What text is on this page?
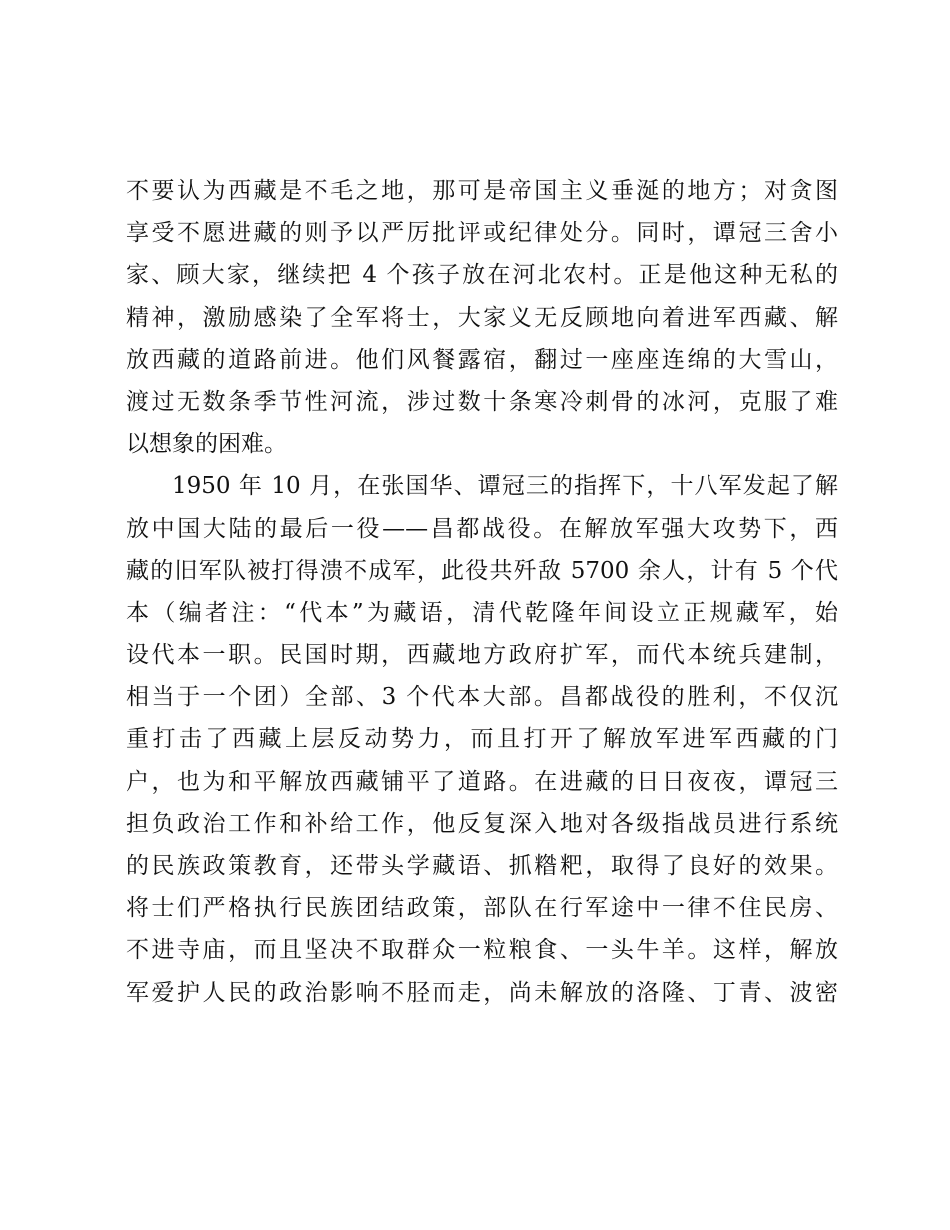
不要认为西藏是不毛之地，那可是帝国主义垂涎的地方；对贪图
享受不愿进藏的则予以严厉批评或纪律处分。同时，谭冠三舍小
家、顾大家，继续把 4 个孩子放在河北农村。正是他这种无私的
精神，激励感染了全军将士，大家义无反顾地向着进军西藏、解
放西藏的道路前进。他们风餐露宿，翻过一座座连绵的大雪山，
渡过无数条季节性河流，涉过数十条寒冷刺骨的冰河，克服了难
以想象的困难。
1950 年 10 月，在张国华、谭冠三的指挥下，十八军发起了解
放中国大陆的最后一役——昌都战役。在解放军强大攻势下，西
藏的旧军队被打得溃不成军，此役共歼敌 5700 余人，计有 5 个代
本（编者注：“代本”为藏语，清代乾隆年间设立正规藏军，始
设代本一职。民国时期，西藏地方政府扩军，而代本统兵建制，
相当于一个团）全部、3 个代本大部。昌都战役的胜利，不仅沉
重打击了西藏上层反动势力，而且打开了解放军进军西藏的门
户，也为和平解放西藏铺平了道路。在进藏的日日夜夜，谭冠三
担负政治工作和补给工作，他反复深入地对各级指战员进行系统
的民族政策教育，还带头学藏语、抓糌粑，取得了良好的效果。
将士们严格执行民族团结政策，部队在行军途中一律不住民房、
不进寺庙，而且坚决不取群众一粒粮食、一头牛羊。这样，解放
军爱护人民的政治影响不胫而走，尚未解放的洛隆、丁青、波密
